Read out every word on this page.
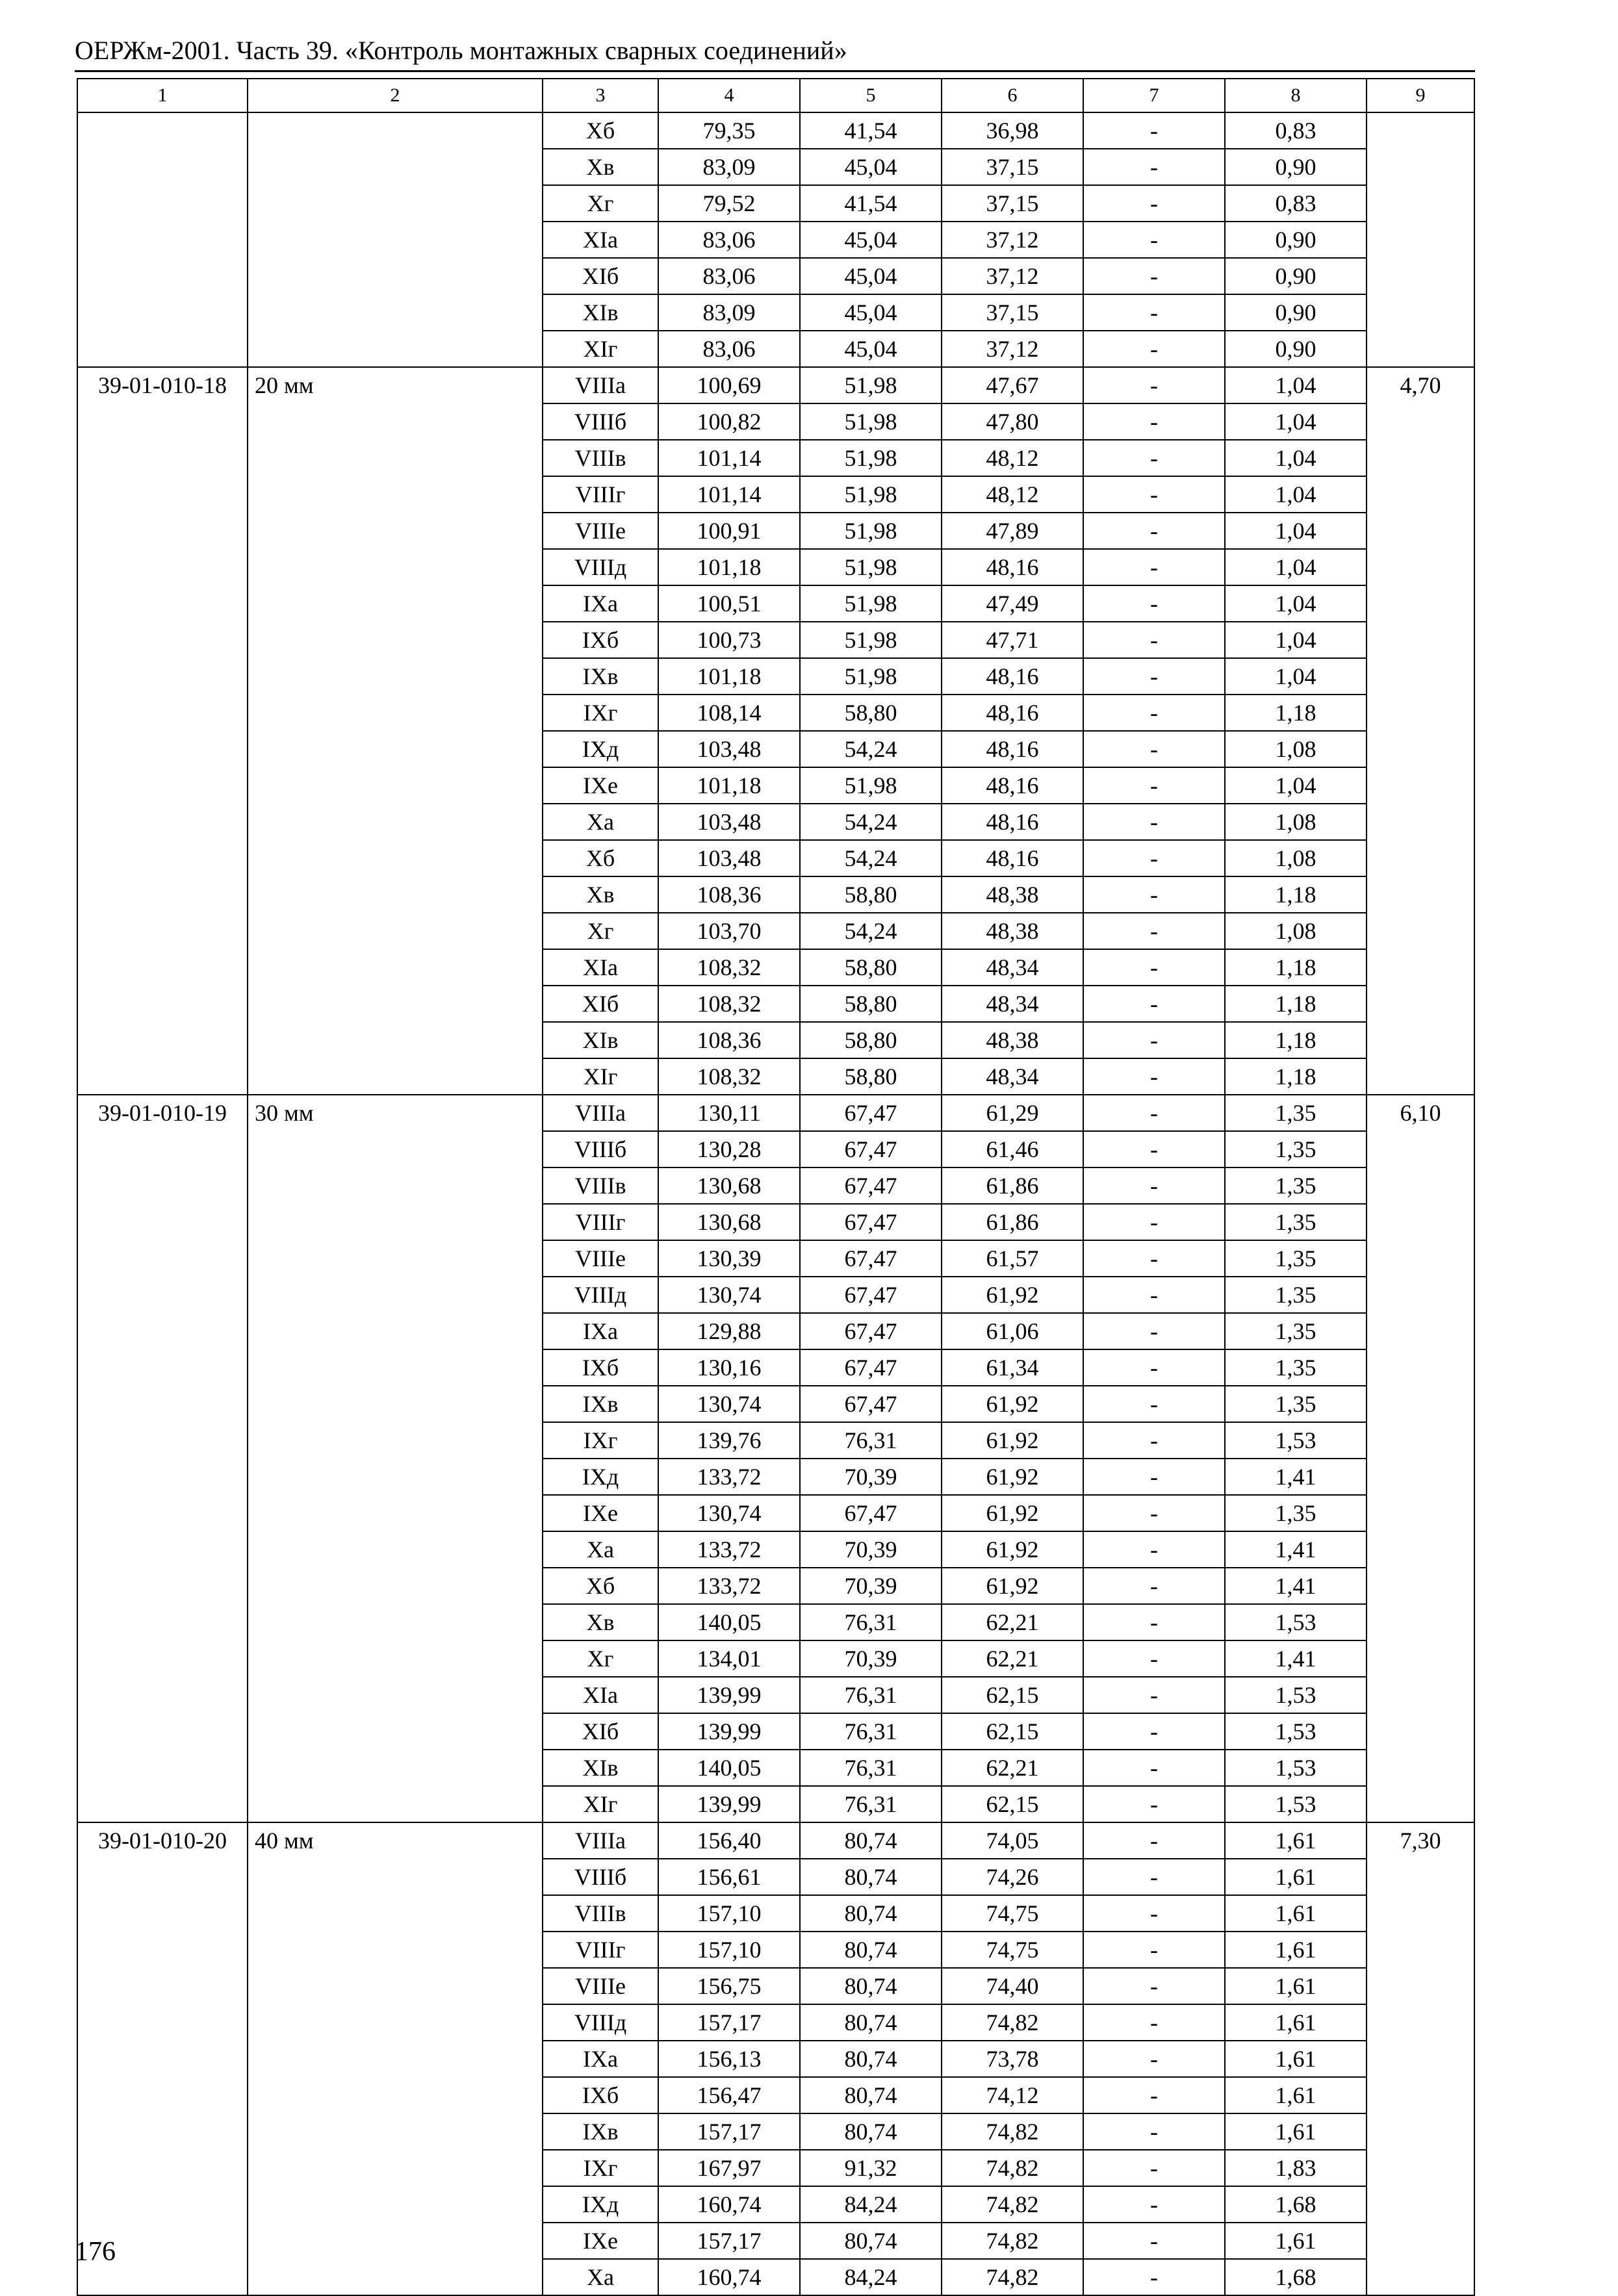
ОЕРЖм-2001. Часть 39. «Контроль монтажных сварных соединений»
1	2	3	4	5	6	7	8	9
		Xб	79,35	41,54	36,98	-	0,83	
		Xв	83,09	45,04	37,15	-	0,90	
		Xг	79,52	41,54	37,15	-	0,83	
		XIa	83,06	45,04	37,12	-	0,90	
		XIб	83,06	45,04	37,12	-	0,90	
		XIв	83,09	45,04	37,15	-	0,90	
		XIг	83,06	45,04	37,12	-	0,90	
39-01-010-18	20 мм	VIIIa	100,69	51,98	47,67	-	1,04	4,70
		VIIIб	100,82	51,98	47,80	-	1,04	
		VIIIв	101,14	51,98	48,12	-	1,04	
		VIIIг	101,14	51,98	48,12	-	1,04	
		VIIIe	100,91	51,98	47,89	-	1,04	
		VIIIд	101,18	51,98	48,16	-	1,04	
		IXa	100,51	51,98	47,49	-	1,04	
		IXб	100,73	51,98	47,71	-	1,04	
		IXв	101,18	51,98	48,16	-	1,04	
		IXг	108,14	58,80	48,16	-	1,18	
		IXд	103,48	54,24	48,16	-	1,08	
		IXe	101,18	51,98	48,16	-	1,04	
		Xa	103,48	54,24	48,16	-	1,08	
		Xб	103,48	54,24	48,16	-	1,08	
		Xв	108,36	58,80	48,38	-	1,18	
		Xг	103,70	54,24	48,38	-	1,08	
		XIa	108,32	58,80	48,34	-	1,18	
		XIб	108,32	58,80	48,34	-	1,18	
		XIв	108,36	58,80	48,38	-	1,18	
		XIг	108,32	58,80	48,34	-	1,18	
39-01-010-19	30 мм	VIIIa	130,11	67,47	61,29	-	1,35	6,10
		VIIIб	130,28	67,47	61,46	-	1,35	
		VIIIв	130,68	67,47	61,86	-	1,35	
		VIIIг	130,68	67,47	61,86	-	1,35	
		VIIIe	130,39	67,47	61,57	-	1,35	
		VIIIд	130,74	67,47	61,92	-	1,35	
		IXa	129,88	67,47	61,06	-	1,35	
		IXб	130,16	67,47	61,34	-	1,35	
		IXв	130,74	67,47	61,92	-	1,35	
		IXг	139,76	76,31	61,92	-	1,53	
		IXд	133,72	70,39	61,92	-	1,41	
		IXe	130,74	67,47	61,92	-	1,35	
		Xa	133,72	70,39	61,92	-	1,41	
		Xб	133,72	70,39	61,92	-	1,41	
		Xв	140,05	76,31	62,21	-	1,53	
		Xг	134,01	70,39	62,21	-	1,41	
		XIa	139,99	76,31	62,15	-	1,53	
		XIб	139,99	76,31	62,15	-	1,53	
		XIв	140,05	76,31	62,21	-	1,53	
		XIг	139,99	76,31	62,15	-	1,53	
39-01-010-20	40 мм	VIIIa	156,40	80,74	74,05	-	1,61	7,30
		VIIIб	156,61	80,74	74,26	-	1,61	
		VIIIв	157,10	80,74	74,75	-	1,61	
		VIIIг	157,10	80,74	74,75	-	1,61	
		VIIIe	156,75	80,74	74,40	-	1,61	
		VIIIд	157,17	80,74	74,82	-	1,61	
		IXa	156,13	80,74	73,78	-	1,61	
		IXб	156,47	80,74	74,12	-	1,61	
		IXв	157,17	80,74	74,82	-	1,61	
		IXг	167,97	91,32	74,82	-	1,83	
		IXд	160,74	84,24	74,82	-	1,68	
		IXe	157,17	80,74	74,82	-	1,61	
		Xa	160,74	84,24	74,82	-	1,68	
176
